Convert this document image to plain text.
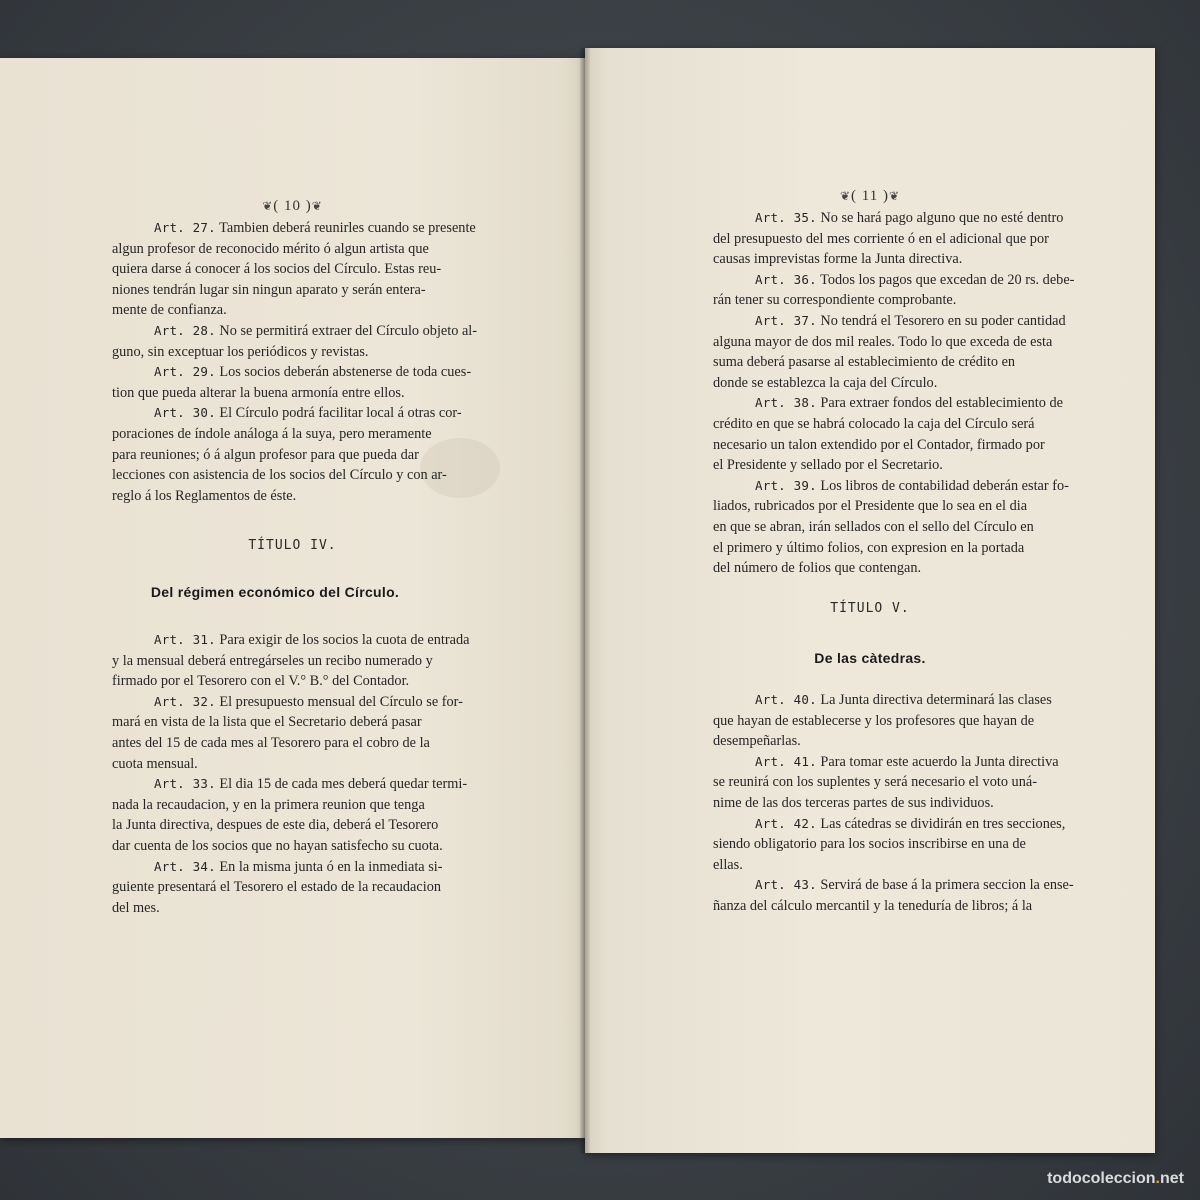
❦( 10 )❦
Art. 27. Tambien deberá reunirles cuando se presente
algun profesor de reconocido mérito ó algun artista que
quiera darse á conocer á los socios del Círculo. Estas reu-
niones tendrán lugar sin ningun aparato y serán entera-
mente de confianza.
Art. 28. No se permitirá extraer del Círculo objeto al-
guno, sin exceptuar los periódicos y revistas.
Art. 29. Los socios deberán abstenerse de toda cues-
tion que pueda alterar la buena armonía entre ellos.
Art. 30. El Círculo podrá facilitar local á otras cor-
poraciones de índole análoga á la suya, pero meramente
para reuniones; ó á algun profesor para que pueda dar
lecciones con asistencia de los socios del Círculo y con ar-
reglo á los Reglamentos de éste.
TÍTULO IV.
Del régimen económico del Círculo.
Art. 31. Para exigir de los socios la cuota de entrada
y la mensual deberá entregárseles un recibo numerado y
firmado por el Tesorero con el V.° B.° del Contador.
Art. 32. El presupuesto mensual del Círculo se for-
mará en vista de la lista que el Secretario deberá pasar
antes del 15 de cada mes al Tesorero para el cobro de la
cuota mensual.
Art. 33. El dia 15 de cada mes deberá quedar termi-
nada la recaudacion, y en la primera reunion que tenga
la Junta directiva, despues de este dia, deberá el Tesorero
dar cuenta de los socios que no hayan satisfecho su cuota.
Art. 34. En la misma junta ó en la inmediata si-
guiente presentará el Tesorero el estado de la recaudacion
del mes.
❦( 11 )❦
Art. 35. No se hará pago alguno que no esté dentro
del presupuesto del mes corriente ó en el adicional que por
causas imprevistas forme la Junta directiva.
Art. 36. Todos los pagos que excedan de 20 rs. debe-
rán tener su correspondiente comprobante.
Art. 37. No tendrá el Tesorero en su poder cantidad
alguna mayor de dos mil reales. Todo lo que exceda de esta
suma deberá pasarse al establecimiento de crédito en
donde se establezca la caja del Círculo.
Art. 38. Para extraer fondos del establecimiento de
crédito en que se habrá colocado la caja del Círculo será
necesario un talon extendido por el Contador, firmado por
el Presidente y sellado por el Secretario.
Art. 39. Los libros de contabilidad deberán estar fo-
liados, rubricados por el Presidente que lo sea en el dia
en que se abran, irán sellados con el sello del Círculo en
el primero y último folios, con expresion en la portada
del número de folios que contengan.
TÍTULO V.
De las càtedras.
Art. 40. La Junta directiva determinará las clases
que hayan de establecerse y los profesores que hayan de
desempeñarlas.
Art. 41. Para tomar este acuerdo la Junta directiva
se reunirá con los suplentes y será necesario el voto uná-
nime de las dos terceras partes de sus individuos.
Art. 42. Las cátedras se dividirán en tres secciones,
siendo obligatorio para los socios inscribirse en una de
ellas.
Art. 43. Servirá de base á la primera seccion la ense-
ñanza del cálculo mercantil y la teneduría de libros; á la
todocoleccion.net
